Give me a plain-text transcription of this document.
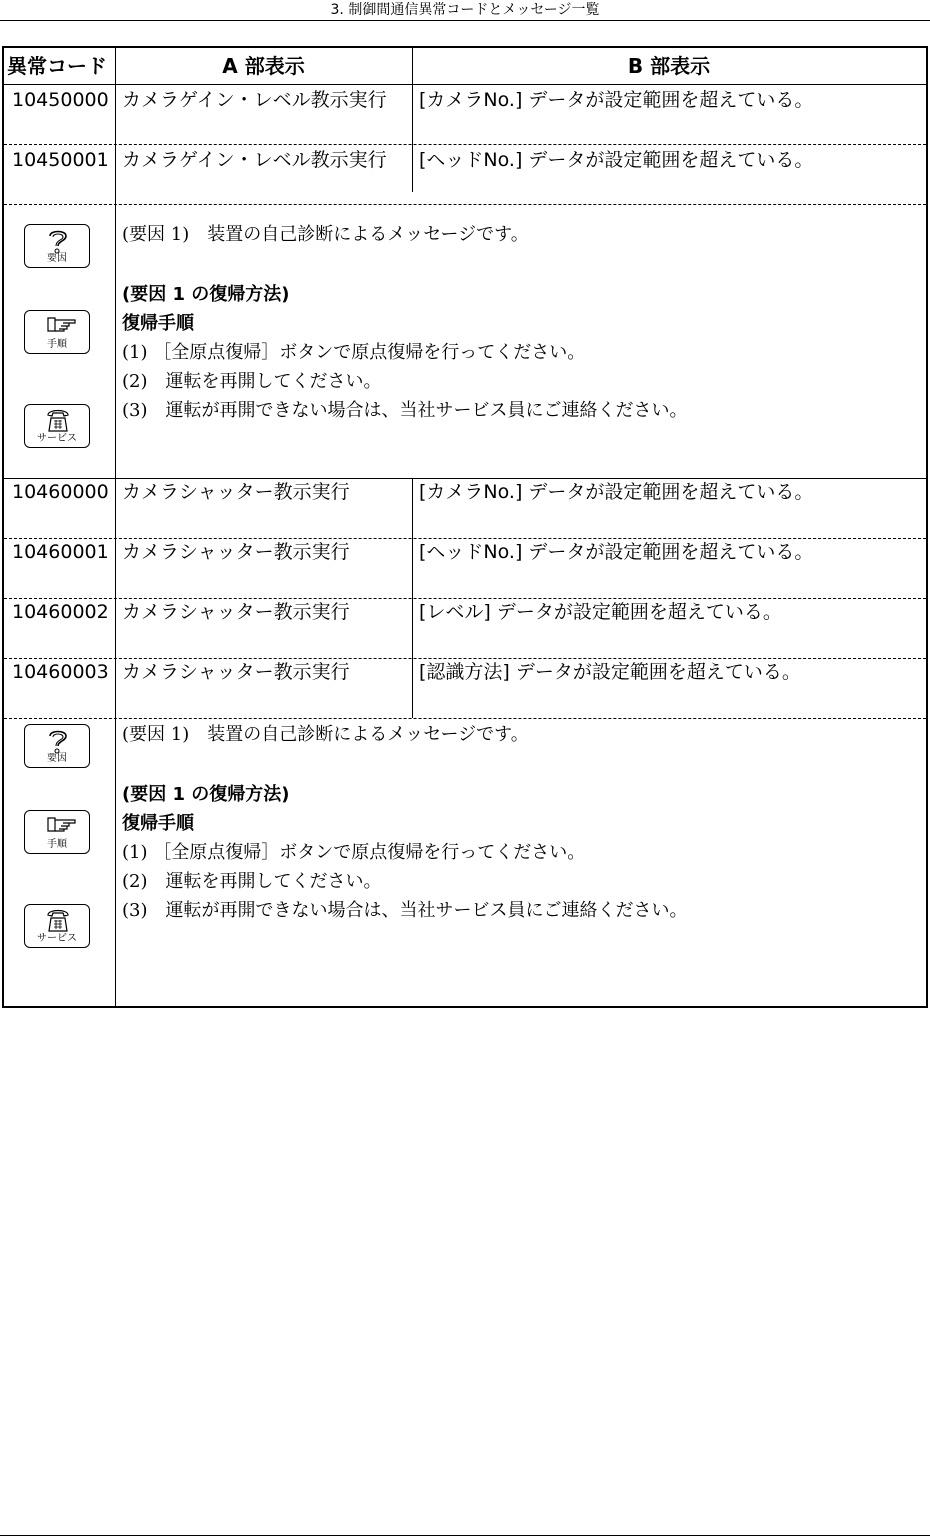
3. 制御間通信異常コードとメッセージ一覧
異常コード	A 部表示	B 部表示
10450000 カメラゲイン・レベル教示実行 [カメラNo.] データが設定範囲を超えている。
10450001 カメラゲイン・レベル教示実行 [ヘッドNo.] データが設定範囲を超えている。
要因
手順
サービス
(要因 1)　装置の自己診断によるメッセージです。
(要因 1 の復帰方法)
復帰手順
(1) ［全原点復帰］ボタンで原点復帰を行ってください。
(2)　運転を再開してください。
(3)　運転が再開できない場合は、当社サービス員にご連絡ください。
10460000 カメラシャッター教示実行	[カメラNo.] データが設定範囲を超えている。
10460001 カメラシャッター教示実行	[ヘッドNo.] データが設定範囲を超えている。
10460002 カメラシャッター教示実行	[レベル] データが設定範囲を超えている。
10460003 カメラシャッター教示実行	[認識方法] データが設定範囲を超えている。
要因
手順
サービス
(要因 1)　装置の自己診断によるメッセージです。
(要因 1 の復帰方法)
復帰手順
(1) ［全原点復帰］ボタンで原点復帰を行ってください。
(2)　運転を再開してください。
(3)　運転が再開できない場合は、当社サービス員にご連絡ください。
